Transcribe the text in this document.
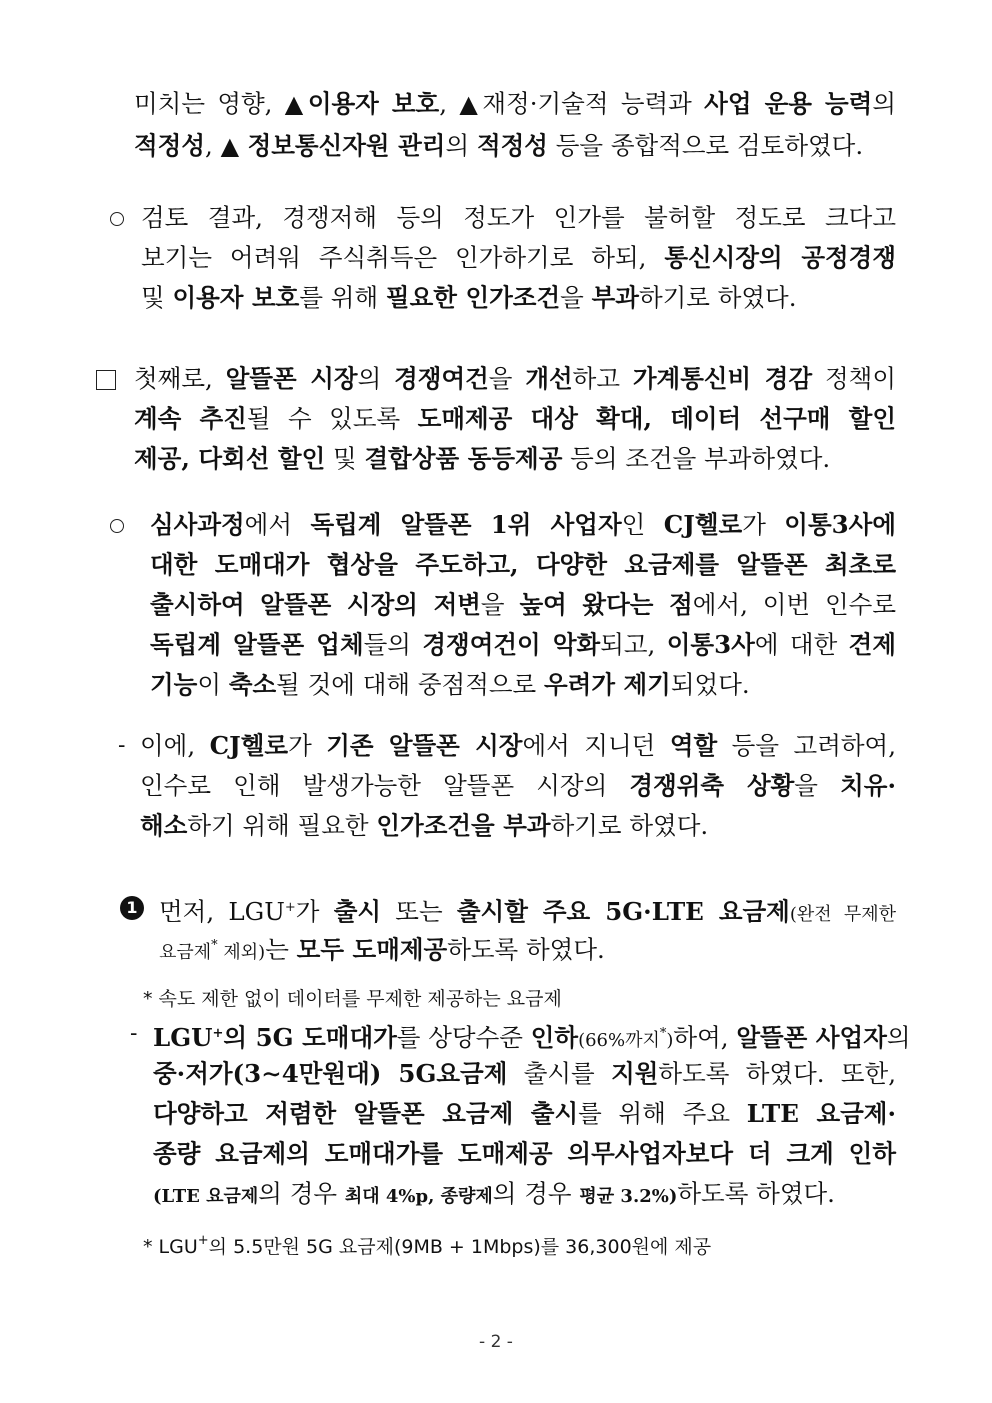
미치는 영향, ▲이용자 보호, ▲재정·기술적 능력과 사업 운용 능력의
적정성, ▲ 정보통신자원 관리의 적정성 등을 종합적으로 검토하였다.
검토 결과, 경쟁저해 등의 정도가 인가를 불허할 정도로 크다고
보기는 어려워 주식취득은 인가하기로 하되, 통신시장의 공정경쟁
및 이용자 보호를 위해 필요한 인가조건을 부과하기로 하였다.
첫째로, 알뜰폰 시장의 경쟁여건을 개선하고 가계통신비 경감 정책이
계속 추진될 수 있도록 도매제공 대상 확대, 데이터 선구매 할인
제공, 다회선 할인 및 결합상품 동등제공 등의 조건을 부과하였다.
심사과정에서 독립계 알뜰폰 1위 사업자인 CJ헬로가 이통3사에
대한 도매대가 협상을 주도하고, 다양한 요금제를 알뜰폰 최초로
출시하여 알뜰폰 시장의 저변을 높여 왔다는 점에서, 이번 인수로
독립계 알뜰폰 업체들의 경쟁여건이 악화되고, 이통3사에 대한 견제
기능이 축소될 것에 대해 중점적으로 우려가 제기되었다.
- 이에, CJ헬로가 기존 알뜰폰 시장에서 지니던 역할 등을 고려하여,
인수로 인해 발생가능한 알뜰폰 시장의 경쟁위축 상황을 치유·
해소하기 위해 필요한 인가조건을 부과하기로 하였다.
1 먼저, LGU+가 출시 또는 출시할 주요 5G·LTE 요금제(완전 무제한
요금제* 제외)는 모두 도매제공하도록 하였다.
* 속도 제한 없이 데이터를 무제한 제공하는 요금제
- LGU+의 5G 도매대가를 상당수준 인하(66%까지*)하여, 알뜰폰 사업자의
중·저가(3∼4만원대) 5G요금제 출시를 지원하도록 하였다. 또한,
다양하고 저렴한 알뜰폰 요금제 출시를 위해 주요 LTE 요금제·
종량 요금제의 도매대가를 도매제공 의무사업자보다 더 크게 인하
(LTE 요금제의 경우 최대 4%p, 종량제의 경우 평균 3.2%)하도록 하였다.
* LGU+의 5.5만원 5G 요금제(9MB + 1Mbps)를 36,300원에 제공
- 2 -
